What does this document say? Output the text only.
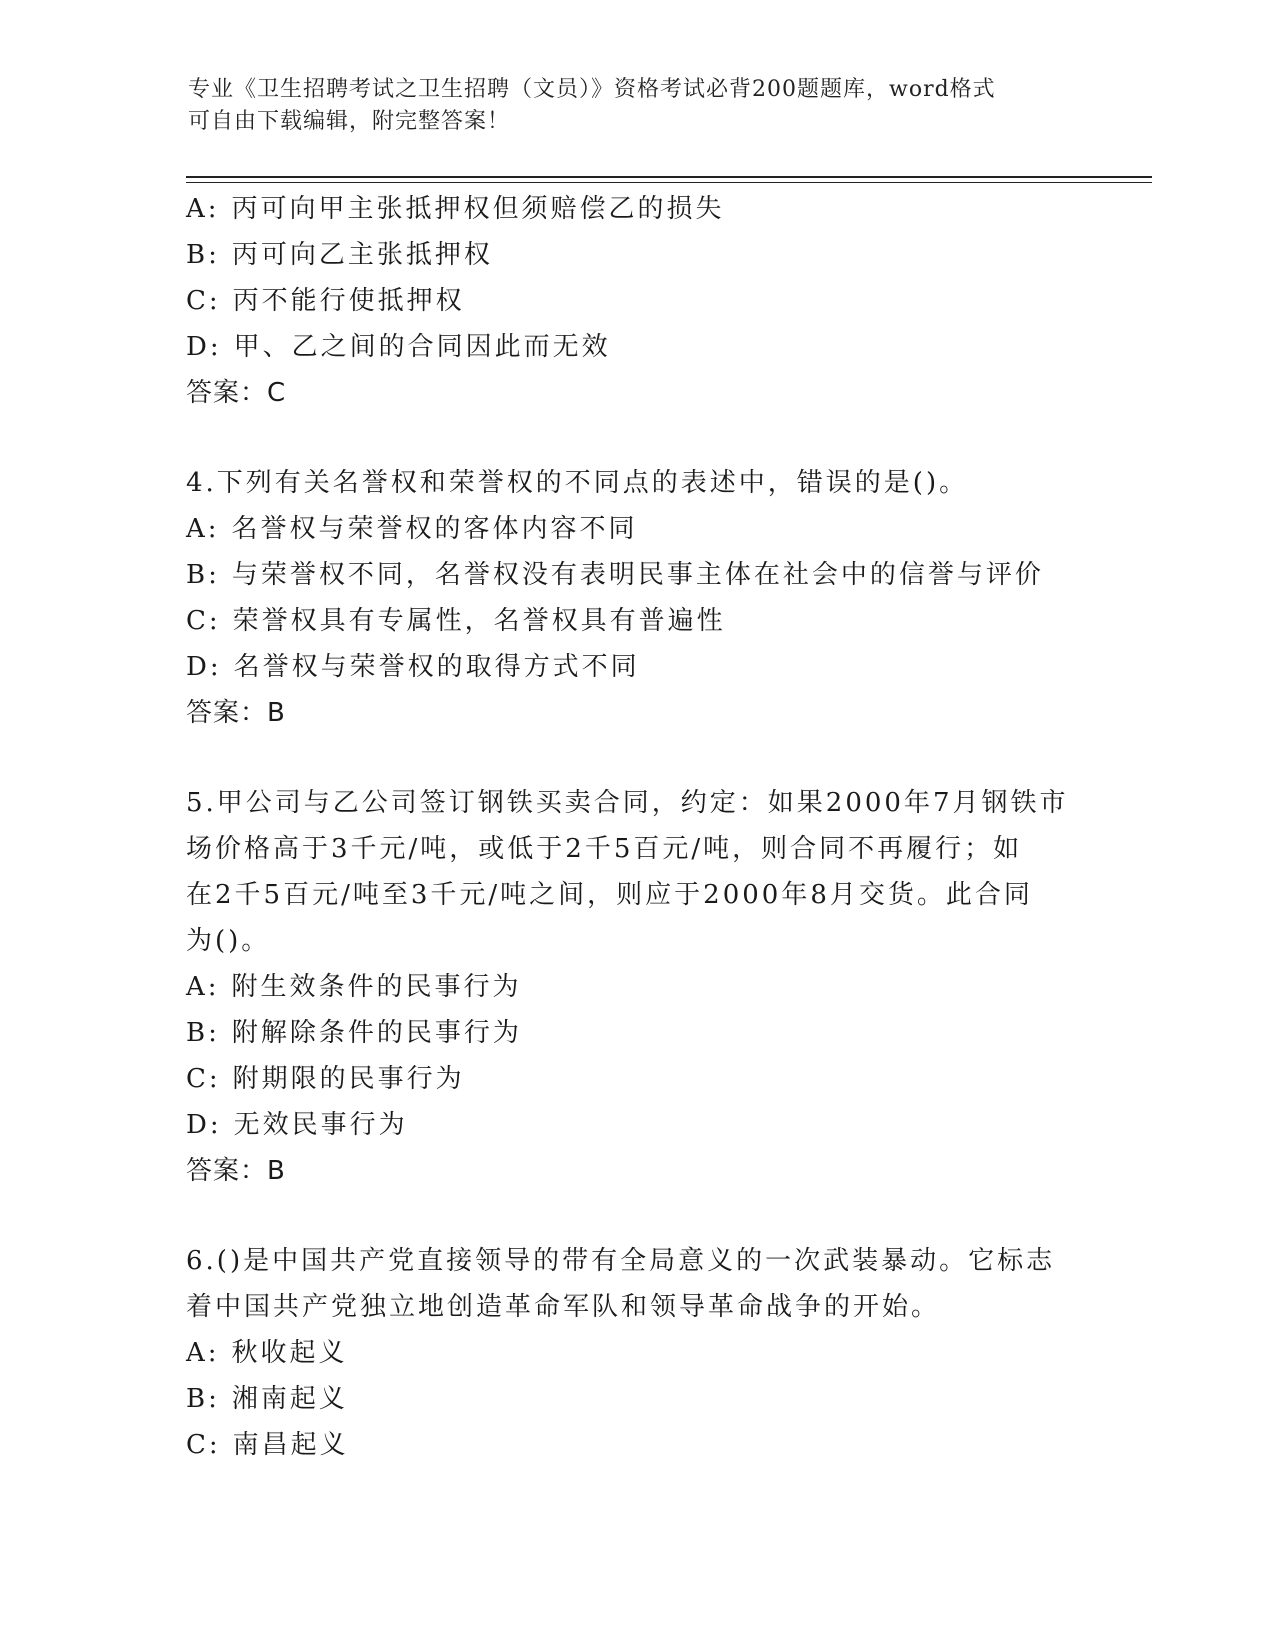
专业《卫生招聘考试之卫生招聘（文员）》资格考试必背200题题库，word格式
可自由下载编辑，附完整答案！
A: 丙可向甲主张抵押权但须赔偿乙的损失
B: 丙可向乙主张抵押权
C: 丙不能行使抵押权
D: 甲、乙之间的合同因此而无效
答案：C
4.下列有关名誉权和荣誉权的不同点的表述中，错误的是()。
A: 名誉权与荣誉权的客体内容不同
B: 与荣誉权不同，名誉权没有表明民事主体在社会中的信誉与评价
C: 荣誉权具有专属性，名誉权具有普遍性
D: 名誉权与荣誉权的取得方式不同
答案：B
5.甲公司与乙公司签订钢铁买卖合同，约定：如果2000年7月钢铁市
场价格高于3千元/吨，或低于2千5百元/吨，则合同不再履行；如
在2千5百元/吨至3千元/吨之间，则应于2000年8月交货。此合同
为()。
A: 附生效条件的民事行为
B: 附解除条件的民事行为
C: 附期限的民事行为
D: 无效民事行为
答案：B
6.()是中国共产党直接领导的带有全局意义的一次武装暴动。它标志
着中国共产党独立地创造革命军队和领导革命战争的开始。
A: 秋收起义
B: 湘南起义
C: 南昌起义
